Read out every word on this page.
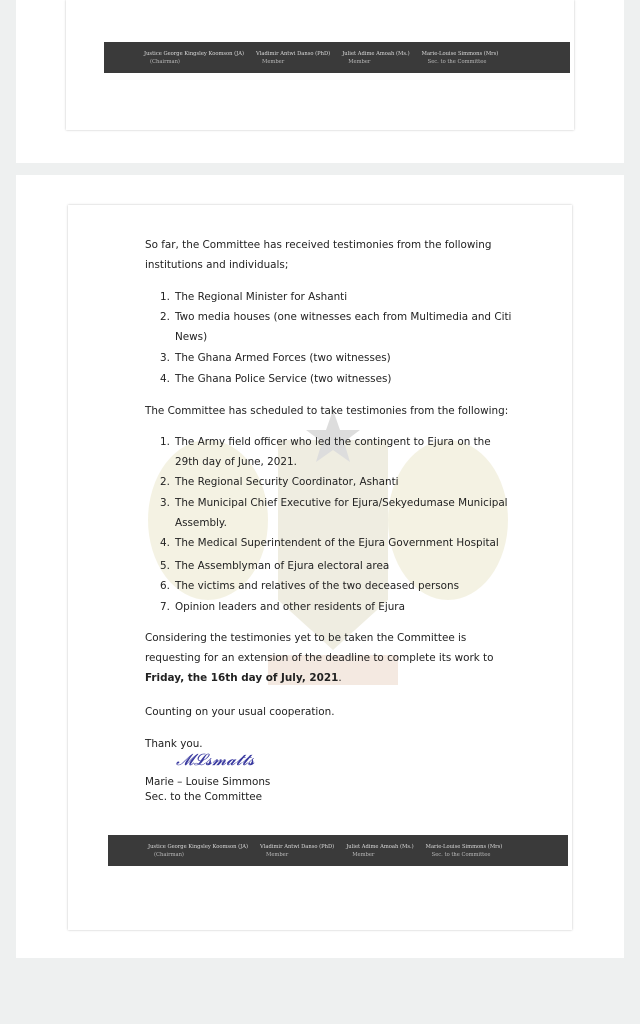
Justice George Kingsley Koomson (JA)
(Chairman)
Vladimir Antwi Danso (PhD)
Member
Juliet Adime Amoah (Ms.)
Member
Marie-Louise Simmons (Mrs)
Sec. to the Committee
So far, the Committee has received testimonies from the following institutions and individuals;
1. The Regional Minister for Ashanti
2. Two media houses (one witnesses each from Multimedia and Citi News)
3. The Ghana Armed Forces (two witnesses)
4. The Ghana Police Service (two witnesses)
The Committee has scheduled to take testimonies from the following:
1. The Army field officer who led the contingent to Ejura on the 29th day of June, 2021.
2. The Regional Security Coordinator, Ashanti
3. The Municipal Chief Executive for Ejura/Sekyedumase Municipal Assembly.
4. The Medical Superintendent of the Ejura Government Hospital
5. The Assemblyman of Ejura electoral area
6. The victims and relatives of the two deceased persons
7. Opinion leaders and other residents of Ejura
Considering the testimonies yet to be taken the Committee is requesting for an extension of the deadline to complete its work to Friday, the 16th day of July, 2021.
Counting on your usual cooperation.
Thank you.
𝓜𝓛𝓼𝓶𝓪𝓽𝓽𝓼
Marie – Louise Simmons
Sec. to the Committee
Justice George Kingsley Koomson (JA)
(Chairman)
Vladimir Antwi Danso (PhD)
Member
Juliet Adime Amoah (Ms.)
Member
Marie-Louise Simmons (Mrs)
Sec. to the Committee
